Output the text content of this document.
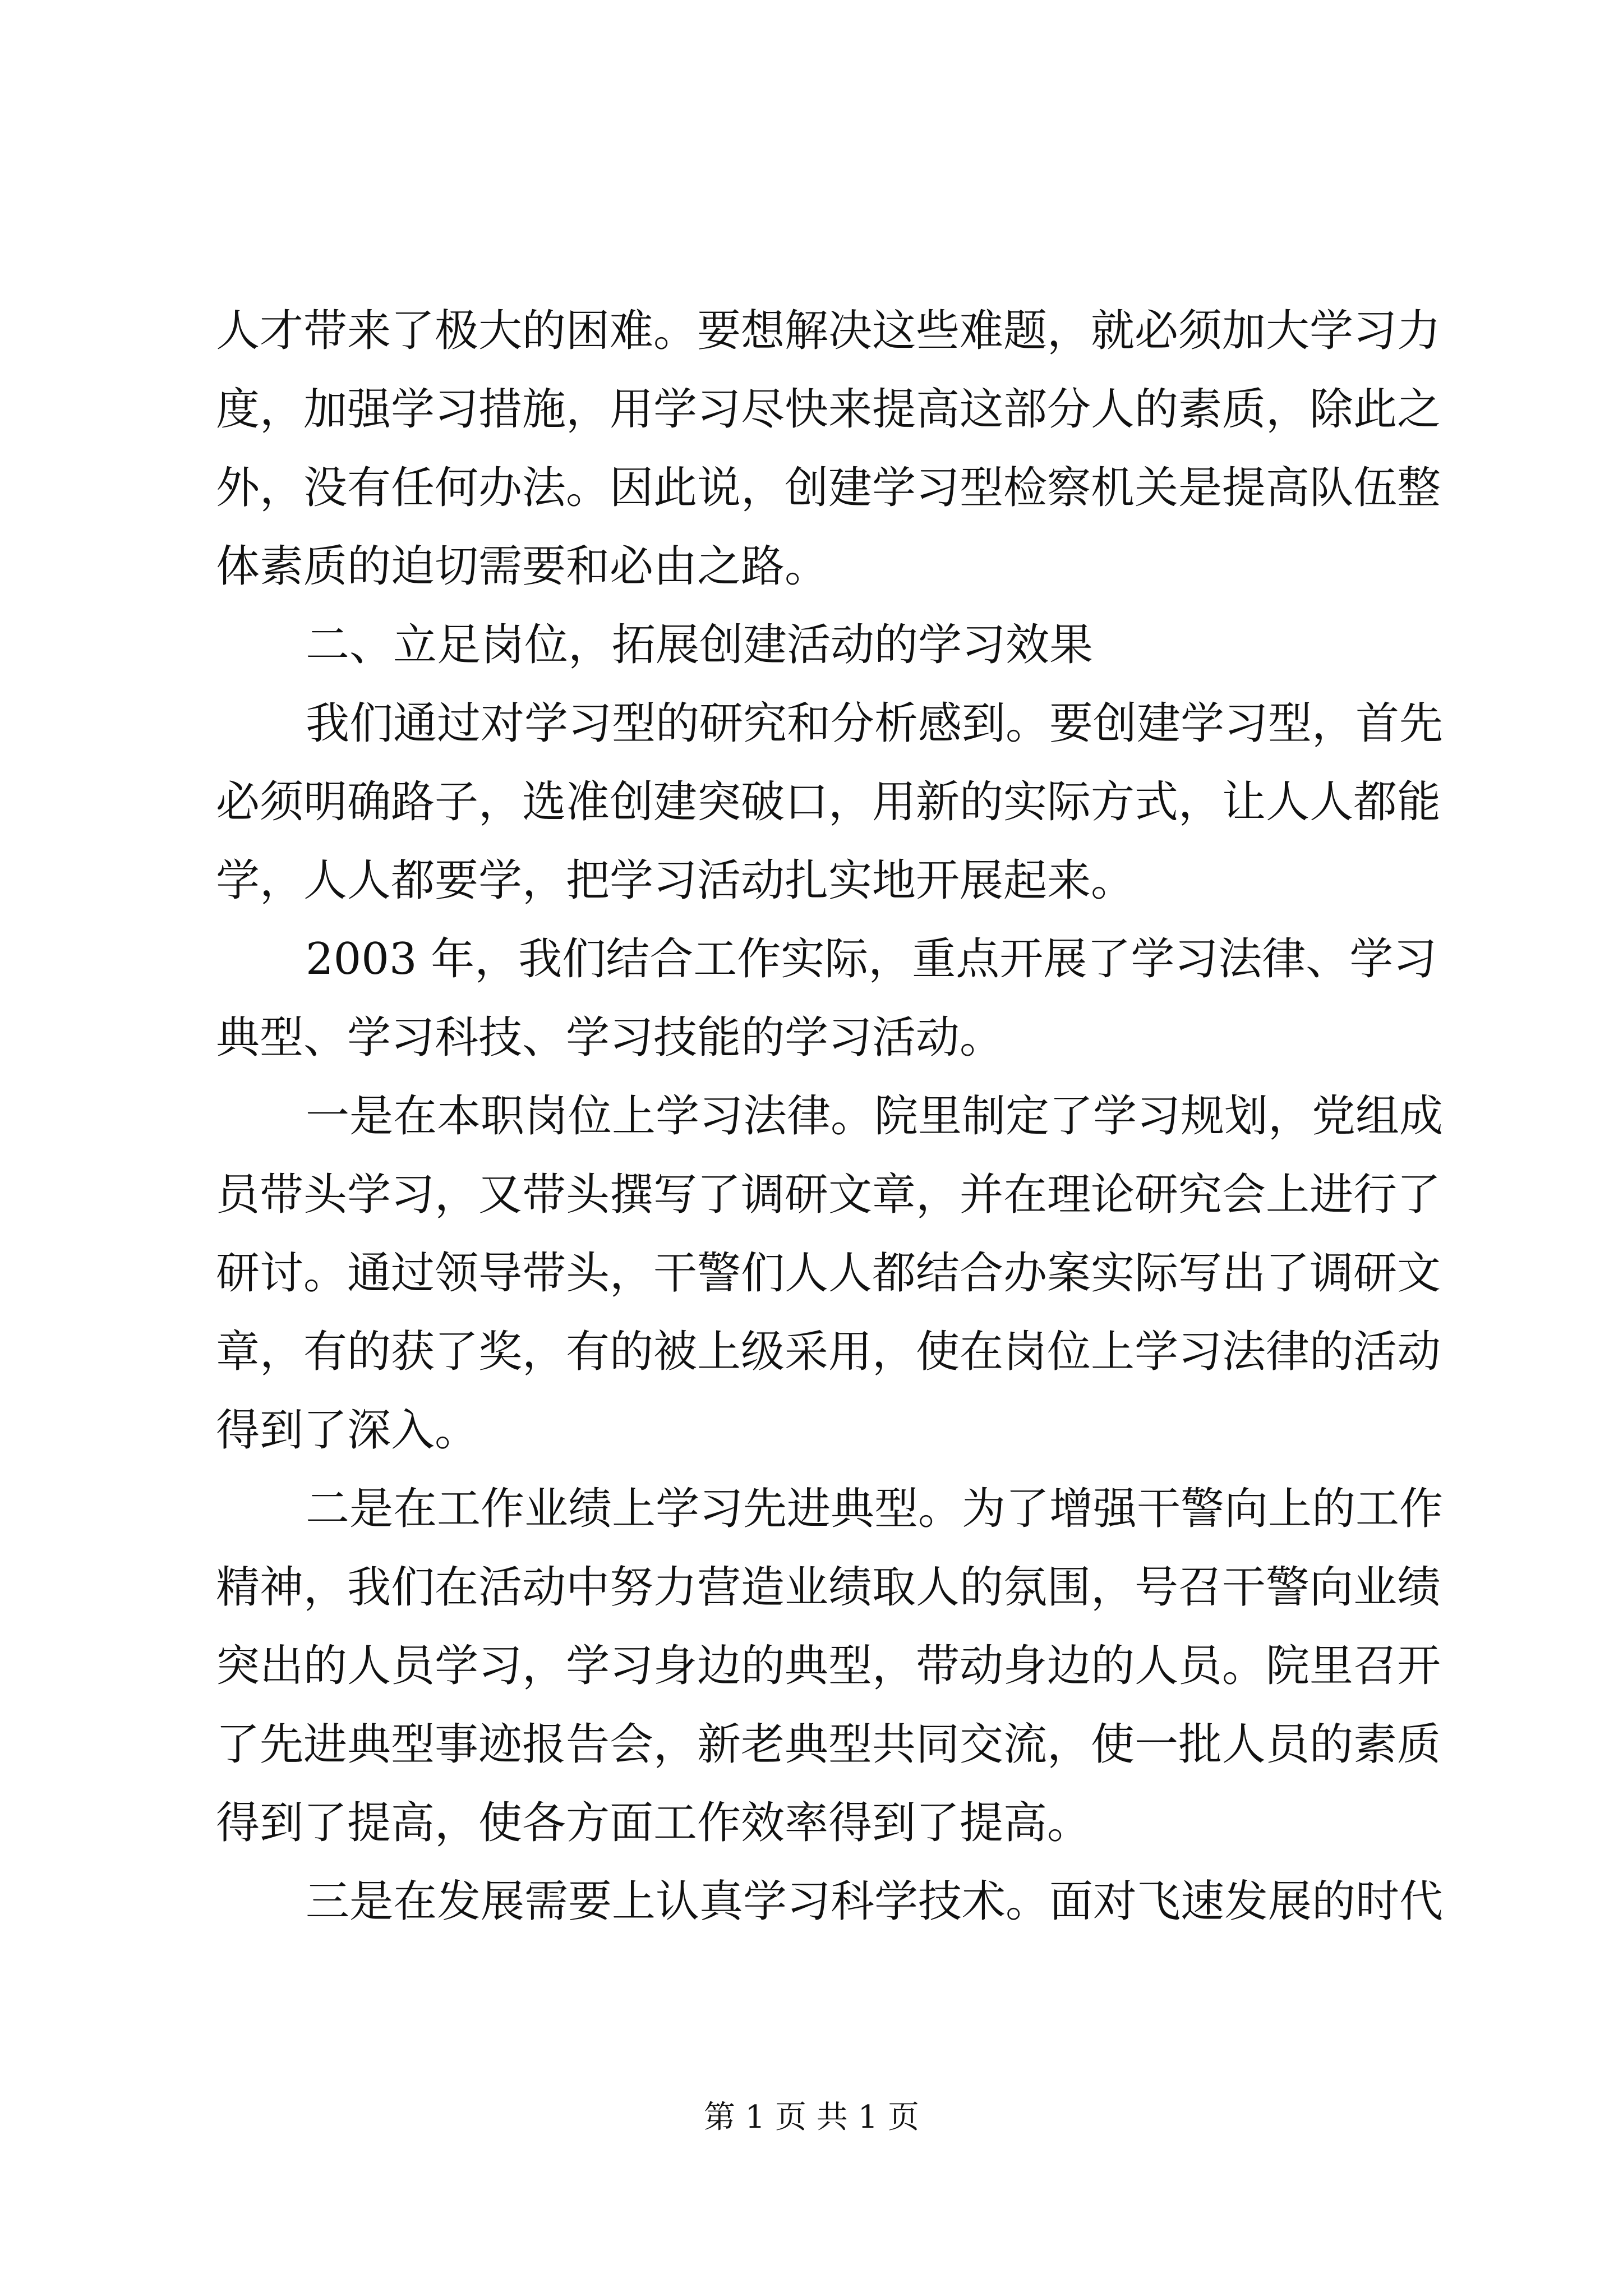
人才带来了极大的困难。要想解决这些难题，就必须加大学习力
度，加强学习措施，用学习尽快来提高这部分人的素质，除此之
外，没有任何办法。因此说，创建学习型检察机关是提高队伍整
体素质的迫切需要和必由之路。
二、立足岗位，拓展创建活动的学习效果
我们通过对学习型的研究和分析感到。要创建学习型，首先
必须明确路子，选准创建突破口，用新的实际方式，让人人都能
学，人人都要学，把学习活动扎实地开展起来。
2003 年，我们结合工作实际，重点开展了学习法律、学习
典型、学习科技、学习技能的学习活动。
一是在本职岗位上学习法律。院里制定了学习规划，党组成
员带头学习，又带头撰写了调研文章，并在理论研究会上进行了
研讨。通过领导带头，干警们人人都结合办案实际写出了调研文
章，有的获了奖，有的被上级采用，使在岗位上学习法律的活动
得到了深入。
二是在工作业绩上学习先进典型。为了增强干警向上的工作
精神，我们在活动中努力营造业绩取人的氛围，号召干警向业绩
突出的人员学习，学习身边的典型，带动身边的人员。院里召开
了先进典型事迹报告会，新老典型共同交流，使一批人员的素质
得到了提高，使各方面工作效率得到了提高。
三是在发展需要上认真学习科学技术。面对飞速发展的时代
第 1 页 共 1 页
